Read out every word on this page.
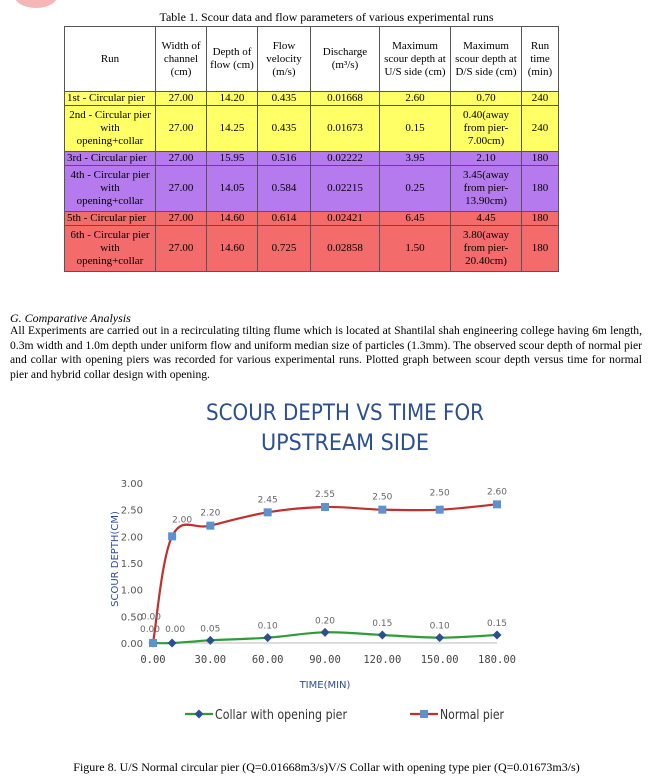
Table 1. Scour data and flow parameters of various experimental runs
Run	Width of channel (cm)	Depth of flow (cm)	Flow velocity (m/s)	Discharge (m³/s)	Maximum scour depth at U/S side (cm)	Maximum scour depth at D/S side (cm)	Run time (min)
1st - Circular pier	27.00	14.20	0.435	0.01668	2.60	0.70	240
2nd - Circular pier with opening+collar	27.00	14.25	0.435	0.01673	0.15	0.40(away from pier- 7.00cm)	240
3rd - Circular pier	27.00	15.95	0.516	0.02222	3.95	2.10	180
4th - Circular pier with opening+collar	27.00	14.05	0.584	0.02215	0.25	3.45(away from pier- 13.90cm)	180
5th - Circular pier	27.00	14.60	0.614	0.02421	6.45	4.45	180
6th - Circular pier with opening+collar	27.00	14.60	0.725	0.02858	1.50	3.80(away from pier- 20.40cm)	180
G. Comparative Analysis
All Experiments are carried out in a recirculating tilting flume which is located at Shantilal shah engineering college having 6m length, 0.3m width and 1.0m depth under uniform flow and uniform median size of particles (1.3mm). The observed scour depth of normal pier and collar with opening piers was recorded for various experimental runs. Plotted graph between scour depth versus time for normal pier and hybrid collar design with opening.
SCOUR DEPTH VS TIME FOR
UPSTREAM SIDE
0.00
0.50
1.00
1.50
2.00
2.50
3.00
0.00	30.00 60.00 90.00 120.00 150.00 180.00
TIME(MIN)
SCOUR DEPTH(CM)
0.00 0.00 0.05	0.10
0.20	0.15	0.10	0.15
0.00
2.00
2.20
2.45
2.55	2.50	2.50	2.60
Collar with opening pier	Normal pier
Figure 8. U/S Normal circular pier (Q=0.01668m3/s)V/S Collar with opening type pier (Q=0.01673m3/s)
